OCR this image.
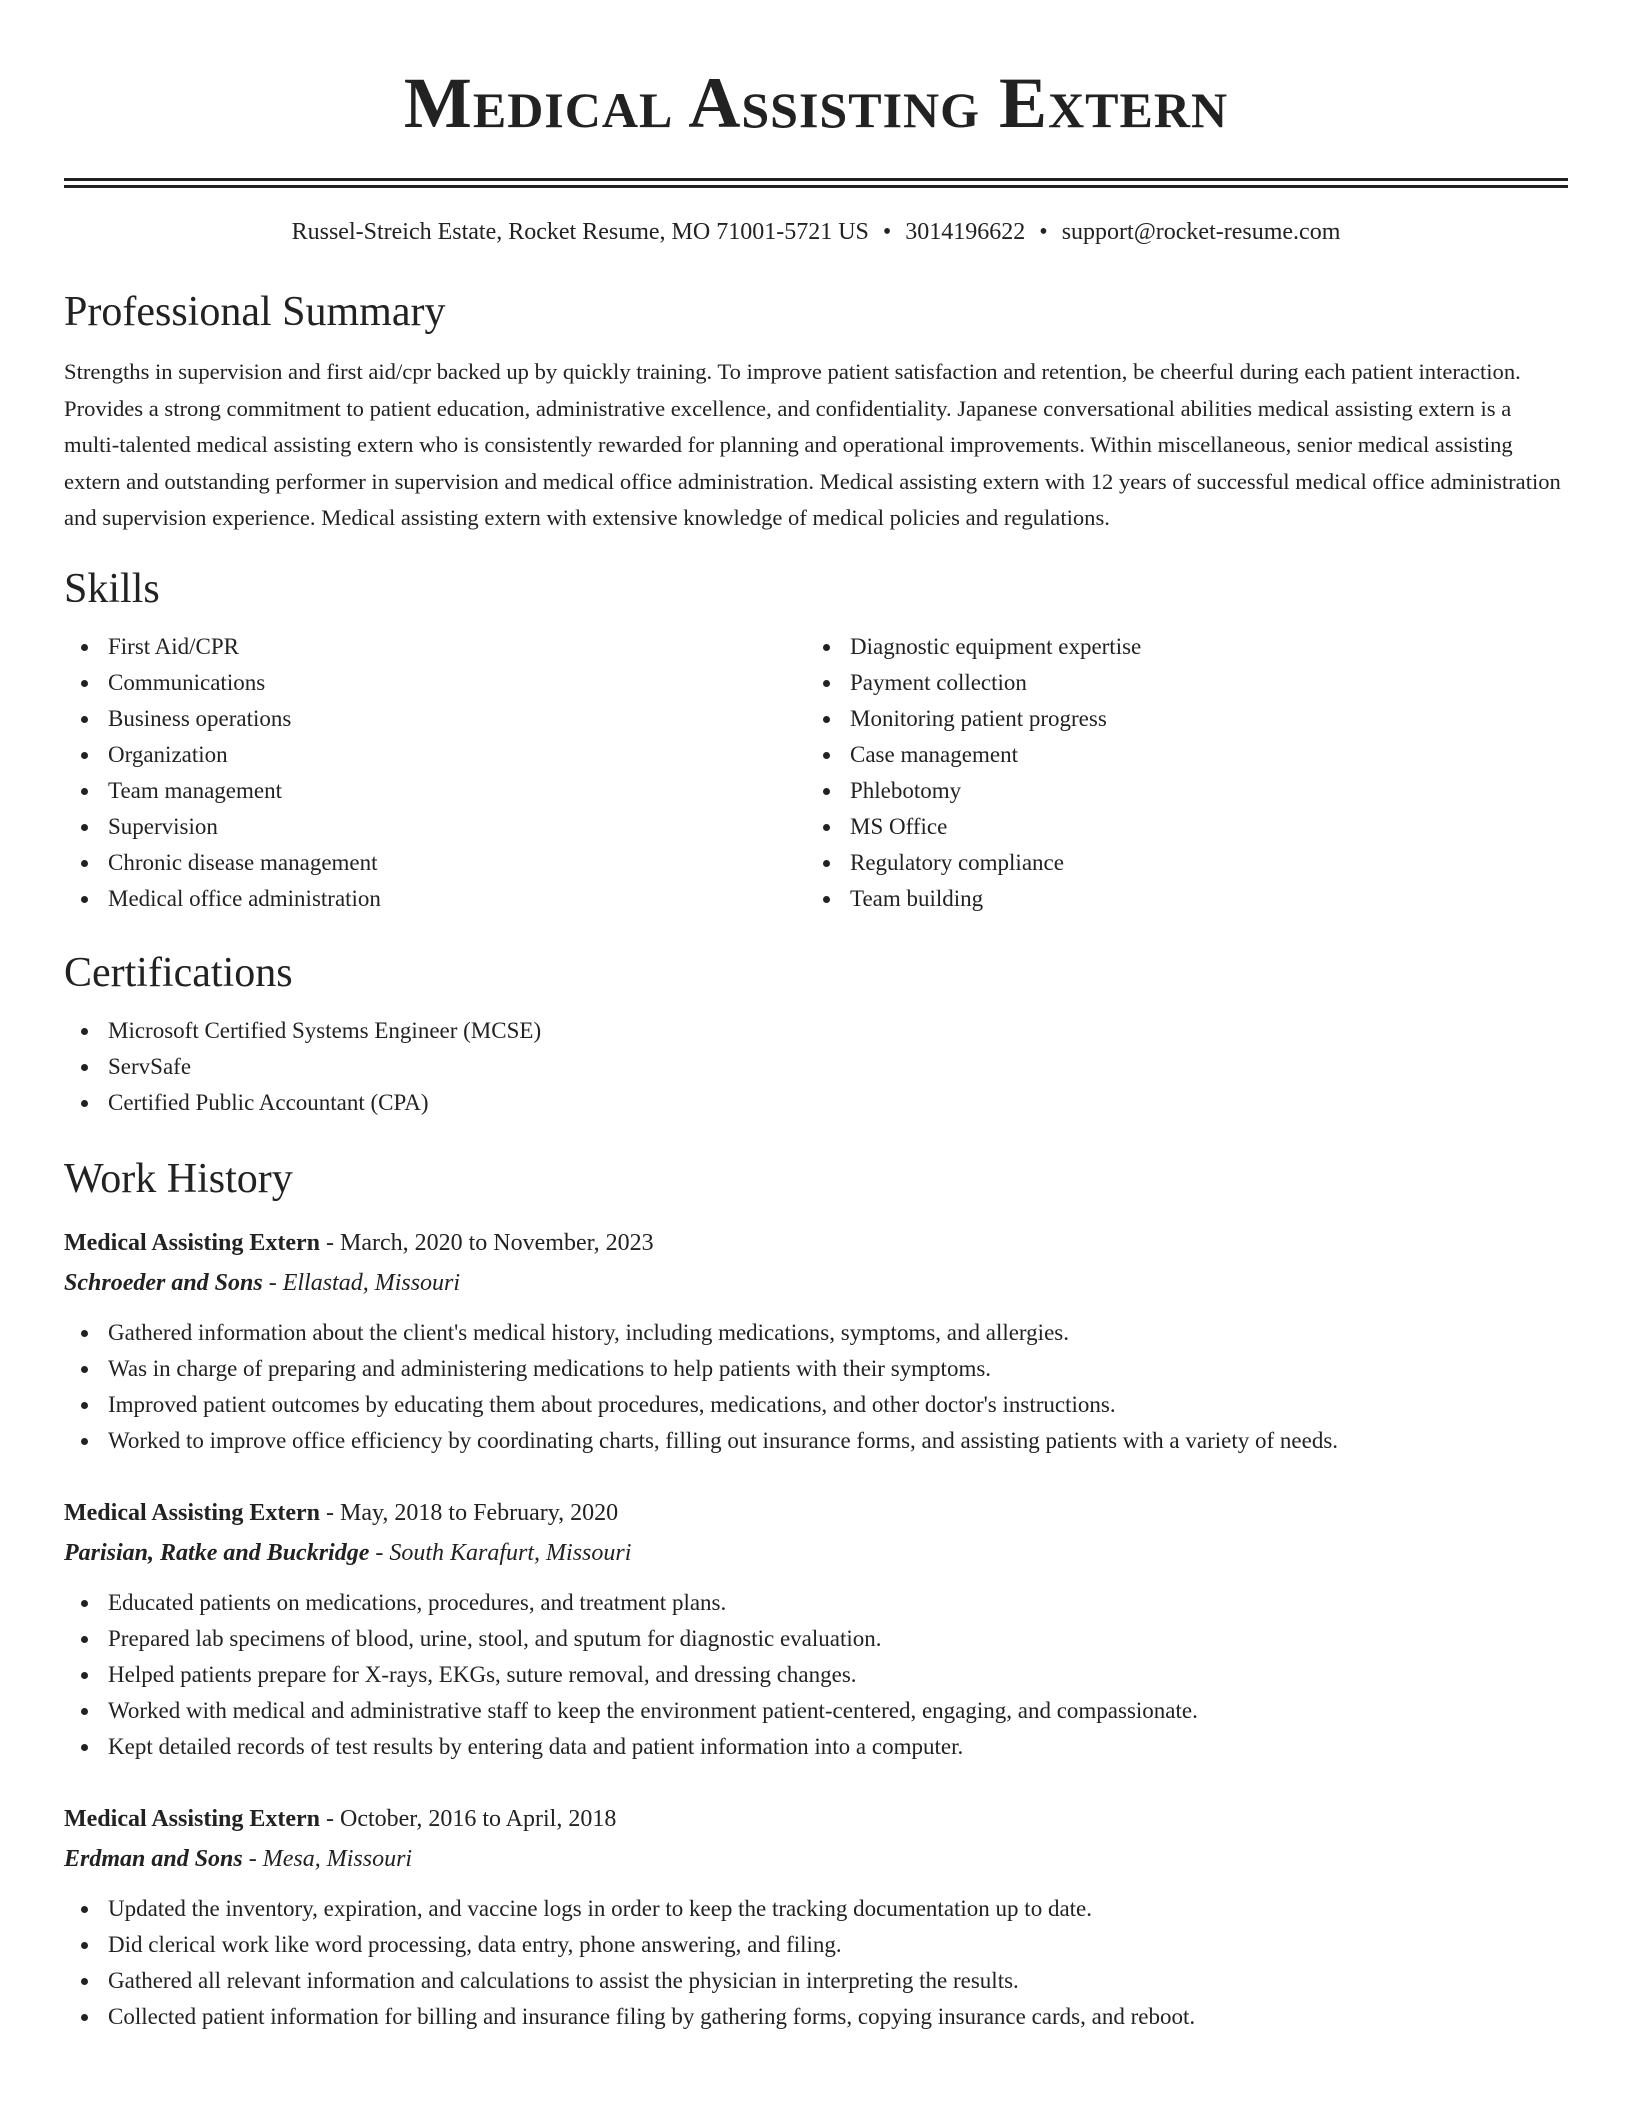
Medical Assisting Extern
Russel-Streich Estate, Rocket Resume, MO 71001-5721 US • 3014196622 • support@rocket-resume.com
Professional Summary

Strengths in supervision and first aid/cpr backed up by quickly training. To improve patient satisfaction and retention, be cheerful during each patient interaction. Provides a strong commitment to patient education, administrative excellence, and confidentiality. Japanese conversational abilities medical assisting extern is a multi-talented medical assisting extern who is consistently rewarded for planning and operational improvements. Within miscellaneous, senior medical assisting extern and outstanding performer in supervision and medical office administration. Medical assisting extern with 12 years of successful medical office administration and supervision experience. Medical assisting extern with extensive knowledge of medical policies and regulations.

Skills
First Aid/CPR
Communications
Business operations
Organization
Team management
Supervision
Chronic disease management
Medical office administration
Diagnostic equipment expertise
Payment collection
Monitoring patient progress
Case management
Phlebotomy
MS Office
Regulatory compliance
Team building
Certifications
Microsoft Certified Systems Engineer (MCSE)
ServSafe
Certified Public Accountant (CPA)
Work History
Medical Assisting Extern - March, 2020 to November, 2023
Schroeder and Sons - Ellastad, Missouri
Gathered information about the client's medical history, including medications, symptoms, and allergies.
Was in charge of preparing and administering medications to help patients with their symptoms.
Improved patient outcomes by educating them about procedures, medications, and other doctor's instructions.
Worked to improve office efficiency by coordinating charts, filling out insurance forms, and assisting patients with a variety of needs.
Medical Assisting Extern - May, 2018 to February, 2020
Parisian, Ratke and Buckridge - South Karafurt, Missouri
Educated patients on medications, procedures, and treatment plans.
Prepared lab specimens of blood, urine, stool, and sputum for diagnostic evaluation.
Helped patients prepare for X-rays, EKGs, suture removal, and dressing changes.
Worked with medical and administrative staff to keep the environment patient-centered, engaging, and compassionate.
Kept detailed records of test results by entering data and patient information into a computer.
Medical Assisting Extern - October, 2016 to April, 2018
Erdman and Sons - Mesa, Missouri
Updated the inventory, expiration, and vaccine logs in order to keep the tracking documentation up to date.
Did clerical work like word processing, data entry, phone answering, and filing.
Gathered all relevant information and calculations to assist the physician in interpreting the results.
Collected patient information for billing and insurance filing by gathering forms, copying insurance cards, and reboot.
